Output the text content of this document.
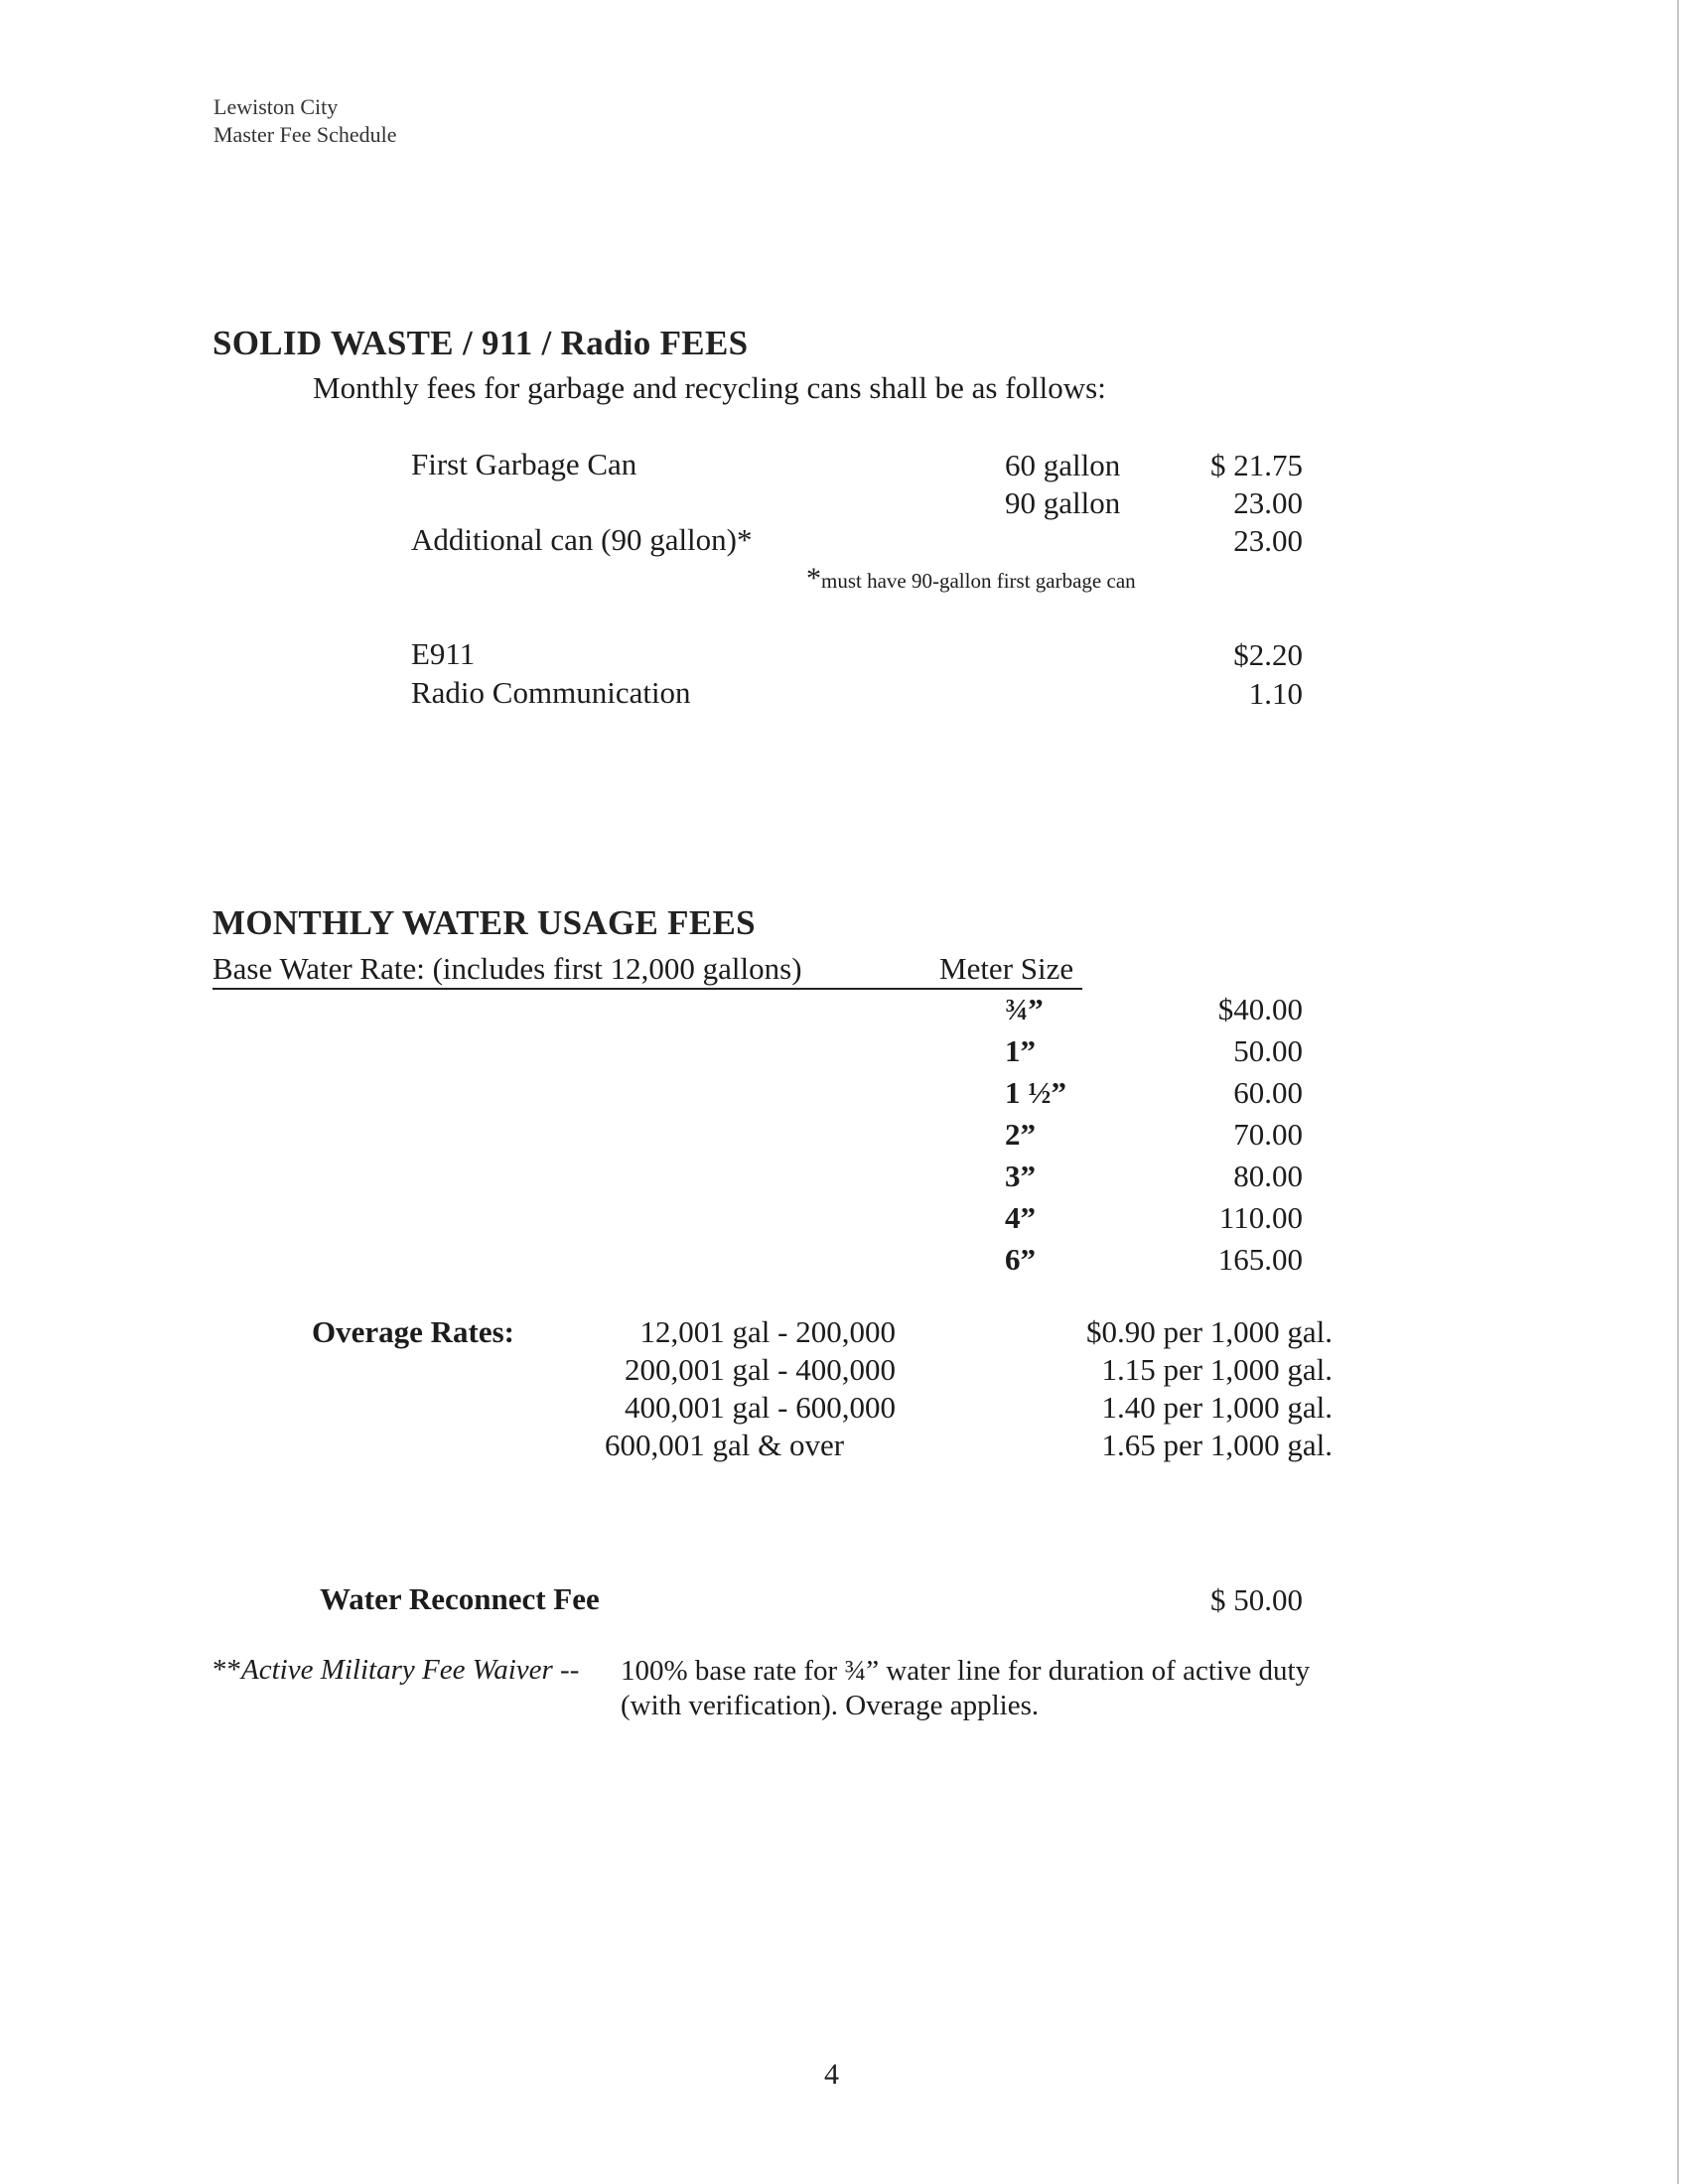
Lewiston City
Master Fee Schedule
SOLID WASTE / 911 / Radio FEES
Monthly fees for garbage and recycling cans shall be as follows:
First Garbage Can	60 gallon	$ 21.75
90 gallon	23.00
Additional can (90 gallon)*	23.00
*must have 90-gallon first garbage can
E911	$2.20
Radio Communication	1.10
MONTHLY WATER USAGE FEES
Base Water Rate: (includes first 12,000 gallons)	Meter Size
¾”	$40.00
1”	50.00
1 ½”	60.00
2”	70.00
3”	80.00
4”	110.00
6”	165.00
Overage Rates:	12,001 gal - 200,000	$0.90 per 1,000 gal.
200,001 gal - 400,000	1.15 per 1,000 gal.
400,001 gal - 600,000	1.40 per 1,000 gal.
600,001 gal & over	1.65 per 1,000 gal.
Water Reconnect Fee	$ 50.00
**Active Military Fee Waiver -- 100% base rate for ¾” water line for duration of active duty
(with verification). Overage applies.
4
